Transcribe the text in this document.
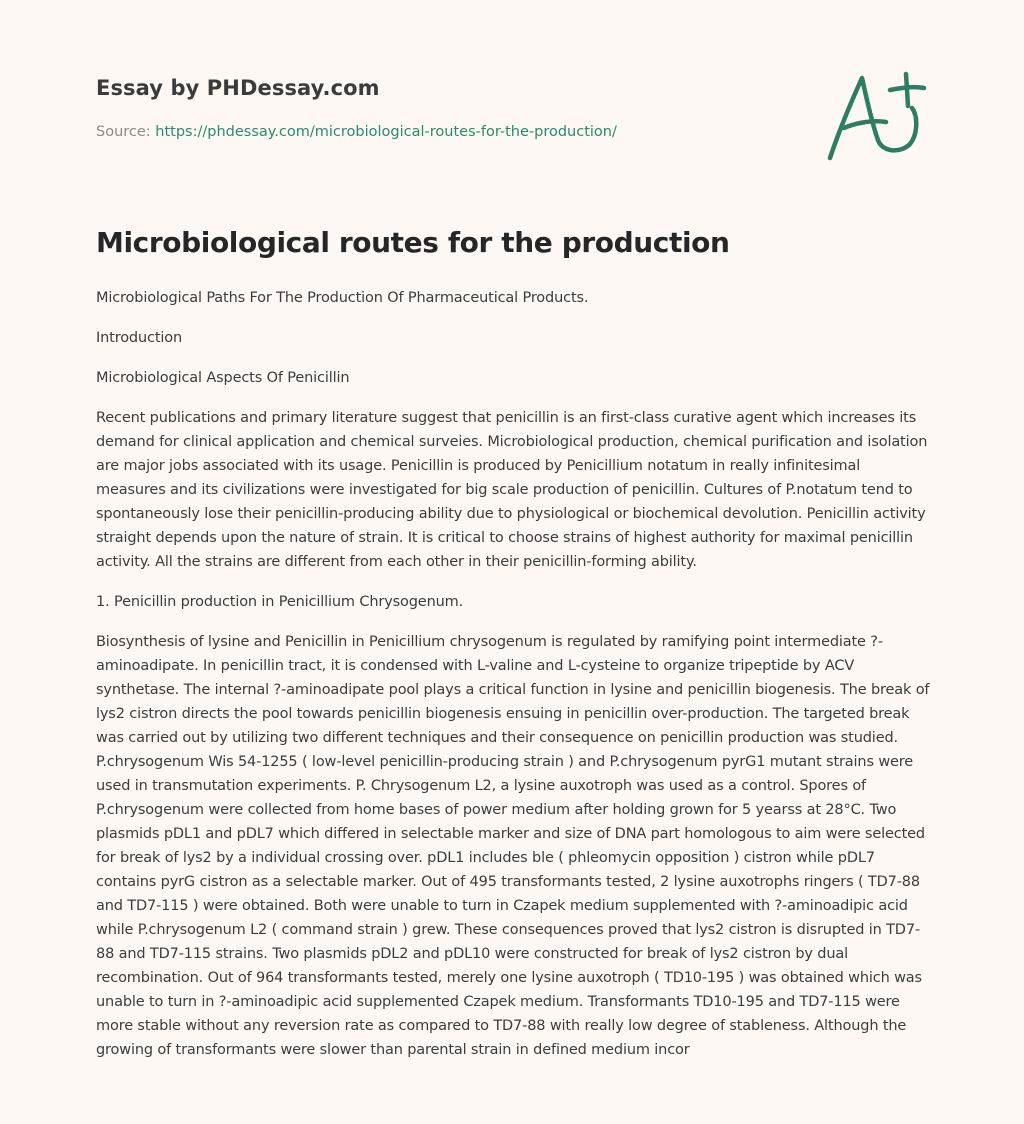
Essay by PHDessay.com
Source: https://phdessay.com/microbiological-routes-for-the-production/
Microbiological routes for the production

Microbiological Paths For The Production Of Pharmaceutical Products.

Introduction

Microbiological Aspects Of Penicillin

Recent publications and primary literature suggest that penicillin is an first-class curative agent which increases its demand for clinical application and chemical surveies. Microbiological production, chemical purification and isolation are major jobs associated with its usage. Penicillin is produced by Penicillium notatum in really infinitesimal measures and its civilizations were investigated for big scale production of penicillin. Cultures of P.notatum tend to spontaneously lose their penicillin-producing ability due to physiological or biochemical devolution. Penicillin activity straight depends upon the nature of strain. It is critical to choose strains of highest authority for maximal penicillin activity. All the strains are different from each other in their penicillin-forming ability.

1. Penicillin production in Penicillium Chrysogenum.

Biosynthesis of lysine and Penicillin in Penicillium chrysogenum is regulated by ramifying point intermediate ?-aminoadipate. In penicillin tract, it is condensed with L-valine and L-cysteine to organize tripeptide by ACV synthetase. The internal ?-aminoadipate pool plays a critical function in lysine and penicillin biogenesis. The break of lys2 cistron directs the pool towards penicillin biogenesis ensuing in penicillin over-production. The targeted break was carried out by utilizing two different techniques and their consequence on penicillin production was studied. P.chrysogenum Wis 54-1255 ( low-level penicillin-producing strain ) and P.chrysogenum pyrG1 mutant strains were used in transmutation experiments. P. Chrysogenum L2, a lysine auxotroph was used as a control. Spores of P.chrysogenum were collected from home bases of power medium after holding grown for 5 yearss at 28°C. Two plasmids pDL1 and pDL7 which differed in selectable marker and size of DNA part homologous to aim were selected for break of lys2 by a individual crossing over. pDL1 includes ble ( phleomycin opposition ) cistron while pDL7 contains pyrG cistron as a selectable marker. Out of 495 transformants tested, 2 lysine auxotrophs ringers ( TD7-88 and TD7-115 ) were obtained. Both were unable to turn in Czapek medium supplemented with ?-aminoadipic acid while P.chrysogenum L2 ( command strain ) grew. These consequences proved that lys2 cistron is disrupted in TD7-88 and TD7-115 strains. Two plasmids pDL2 and pDL10 were constructed for break of lys2 cistron by dual recombination. Out of 964 transformants tested, merely one lysine auxotroph ( TD10-195 ) was obtained which was unable to turn in ?-aminoadipic acid supplemented Czapek medium. Transformants TD10-195 and TD7-115 were more stable without any reversion rate as compared to TD7-88 with really low degree of stableness. Although the growing of transformants were slower than parental strain in defined medium incor
